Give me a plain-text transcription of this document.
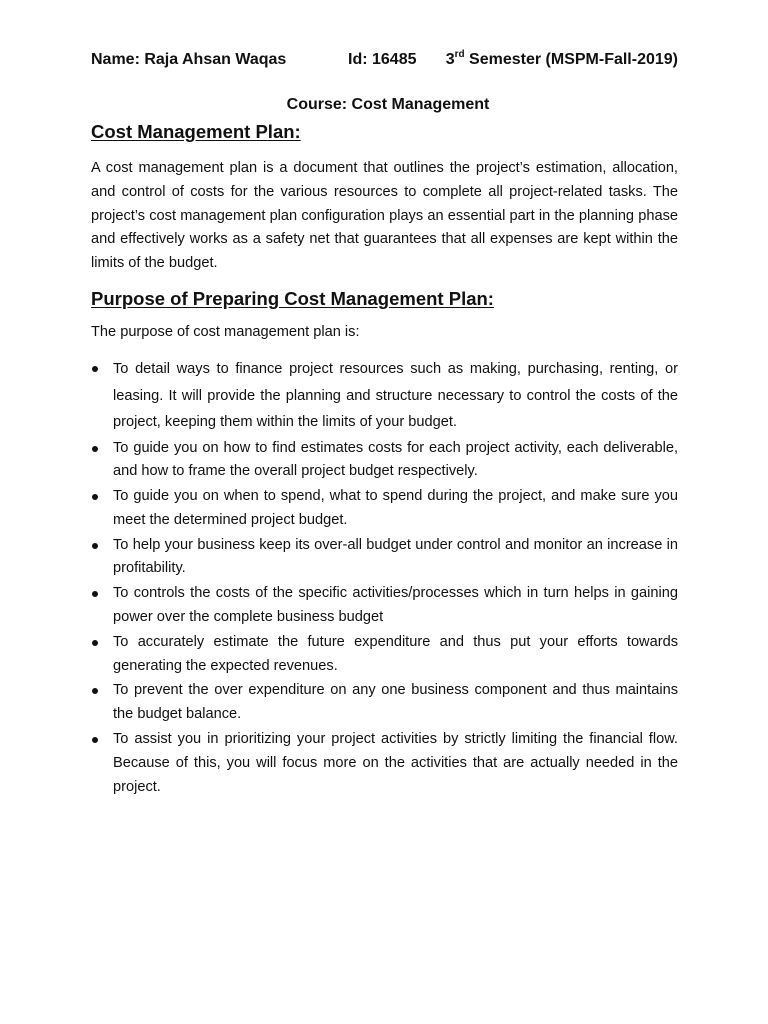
Name: Raja Ahsan Waqas	Id: 16485 3rd Semester (MSPM-Fall-2019)
Course: Cost Management
Cost Management Plan:
A cost management plan is a document that outlines the project’s estimation, allocation, and control of costs for the various resources to complete all project-related tasks. The project’s cost management plan configuration plays an essential part in the planning phase and effectively works as a safety net that guarantees that all expenses are kept within the limits of the budget.
Purpose of Preparing Cost Management Plan:
The purpose of cost management plan is:
To detail ways to finance project resources such as making, purchasing, renting, or leasing. It will provide the planning and structure necessary to control the costs of the project, keeping them within the limits of your budget.
To guide you on how to find estimates costs for each project activity, each deliverable, and how to frame the overall project budget respectively.
To guide you on when to spend, what to spend during the project, and make sure you meet the determined project budget.
To help your business keep its over-all budget under control and monitor an increase in profitability.
To controls the costs of the specific activities/processes which in turn helps in gaining power over the complete business budget
To accurately estimate the future expenditure and thus put your efforts towards generating the expected revenues.
To prevent the over expenditure on any one business component and thus maintains the budget balance.
To assist you in prioritizing your project activities by strictly limiting the financial flow. Because of this, you will focus more on the activities that are actually needed in the project.
